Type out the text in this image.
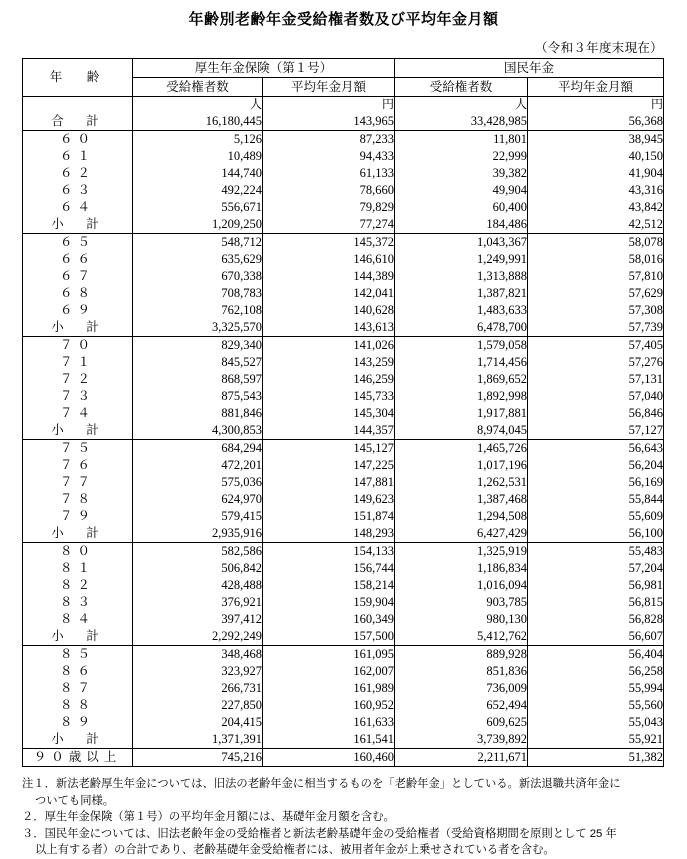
年齢別老齢年金受給権者数及び平均年金月額
（令和３年度末現在）
年　齢	厚生年金保険（第１号）		国民年金	
	受給権者数	平均年金月額	受給権者数	平均年金月額
	人	円	人	円
合　計	16,180,445	143,965	33,428,985	56,368
６０	5,126	87,233	11,801	38,945
６１	10,489	94,433	22,999	40,150
６２	144,740	61,133	39,382	41,904
６３	492,224	78,660	49,904	43,316
６４	556,671	79,829	60,400	43,842
小　計	1,209,250	77,274	184,486	42,512
６５	548,712	145,372	1,043,367	58,078
６６	635,629	146,610	1,249,991	58,016
６７	670,338	144,389	1,313,888	57,810
６８	708,783	142,041	1,387,821	57,629
６９	762,108	140,628	1,483,633	57,308
小　計	3,325,570	143,613	6,478,700	57,739
７０	829,340	141,026	1,579,058	57,405
７１	845,527	143,259	1,714,456	57,276
７２	868,597	146,259	1,869,652	57,131
７３	875,543	145,733	1,892,998	57,040
７４	881,846	145,304	1,917,881	56,846
小　計	4,300,853	144,357	8,974,045	57,127
７５	684,294	145,127	1,465,726	56,643
７６	472,201	147,225	1,017,196	56,204
７７	575,036	147,881	1,262,531	56,169
７８	624,970	149,623	1,387,468	55,844
７９	579,415	151,874	1,294,508	55,609
小　計	2,935,916	148,293	6,427,429	56,100
８０	582,586	154,133	1,325,919	55,483
８１	506,842	156,744	1,186,834	57,204
８２	428,488	158,214	1,016,094	56,981
８３	376,921	159,904	903,785	56,815
８４	397,412	160,349	980,130	56,828
小　計	2,292,249	157,500	5,412,762	56,607
８５	348,468	161,095	889,928	56,404
８６	323,927	162,007	851,836	56,258
８７	266,731	161,989	736,009	55,994
８８	227,850	160,952	652,494	55,560
８９	204,415	161,633	609,625	55,043
小　計	1,371,391	161,541	3,739,892	55,921
９０歳以上	745,216	160,460	2,211,671	51,382
注１．新法老齢厚生年金については、旧法の老齢年金に相当するものを「老齢年金」としている。新法退職共済年金に
ついても同様。
２．厚生年金保険（第１号）の平均年金月額には、基礎年金月額を含む。
３．国民年金については、旧法老齢年金の受給権者と新法老齢基礎年金の受給権者（受給資格期間を原則として 25 年
以上有する者）の合計であり、老齢基礎年金受給権者には、被用者年金が上乗せされている者を含む。
